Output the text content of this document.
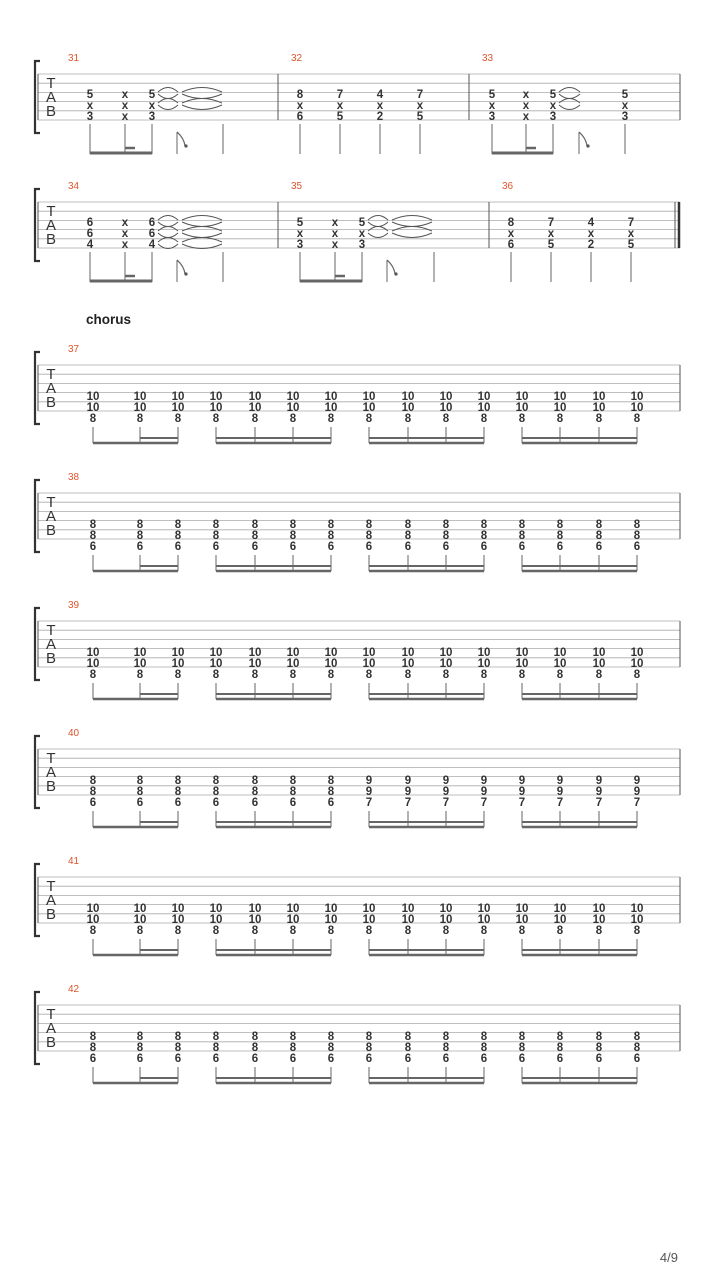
T
A
B
31
5
x
3
x
x
x
5
x
3
32
8
x
6
7
x
5
4
x
2
7
x
5
33
5
x
3
x
x
x
5
x
3
5
x
3
T
A
B
34
6
6
4
x
x
x
6
6
4
35
5
x
3
x
x
x
5
x
3
36
8
x
6
7
x
5
4
x
2
7
x
5
chorus
T
A
B
37
10
10
8
10
10
8
10
10
8
10
10
8
10
10
8
10
10
8
10
10
8
10
10
8
10
10
8
10
10
8
10
10
8
10
10
8
10
10
8
10
10
8
10
10
8
T
A
B
38
8
8
6
8
8
6
8
8
6
8
8
6
8
8
6
8
8
6
8
8
6
8
8
6
8
8
6
8
8
6
8
8
6
8
8
6
8
8
6
8
8
6
8
8
6
T
A
B
39
10
10
8
10
10
8
10
10
8
10
10
8
10
10
8
10
10
8
10
10
8
10
10
8
10
10
8
10
10
8
10
10
8
10
10
8
10
10
8
10
10
8
10
10
8
T
A
B
40
8
8
6
8
8
6
8
8
6
8
8
6
8
8
6
8
8
6
8
8
6
9
9
7
9
9
7
9
9
7
9
9
7
9
9
7
9
9
7
9
9
7
9
9
7
T
A
B
41
10
10
8
10
10
8
10
10
8
10
10
8
10
10
8
10
10
8
10
10
8
10
10
8
10
10
8
10
10
8
10
10
8
10
10
8
10
10
8
10
10
8
10
10
8
T
A
B
42
8
8
6
8
8
6
8
8
6
8
8
6
8
8
6
8
8
6
8
8
6
8
8
6
8
8
6
8
8
6
8
8
6
8
8
6
8
8
6
8
8
6
8
8
6
4/9
